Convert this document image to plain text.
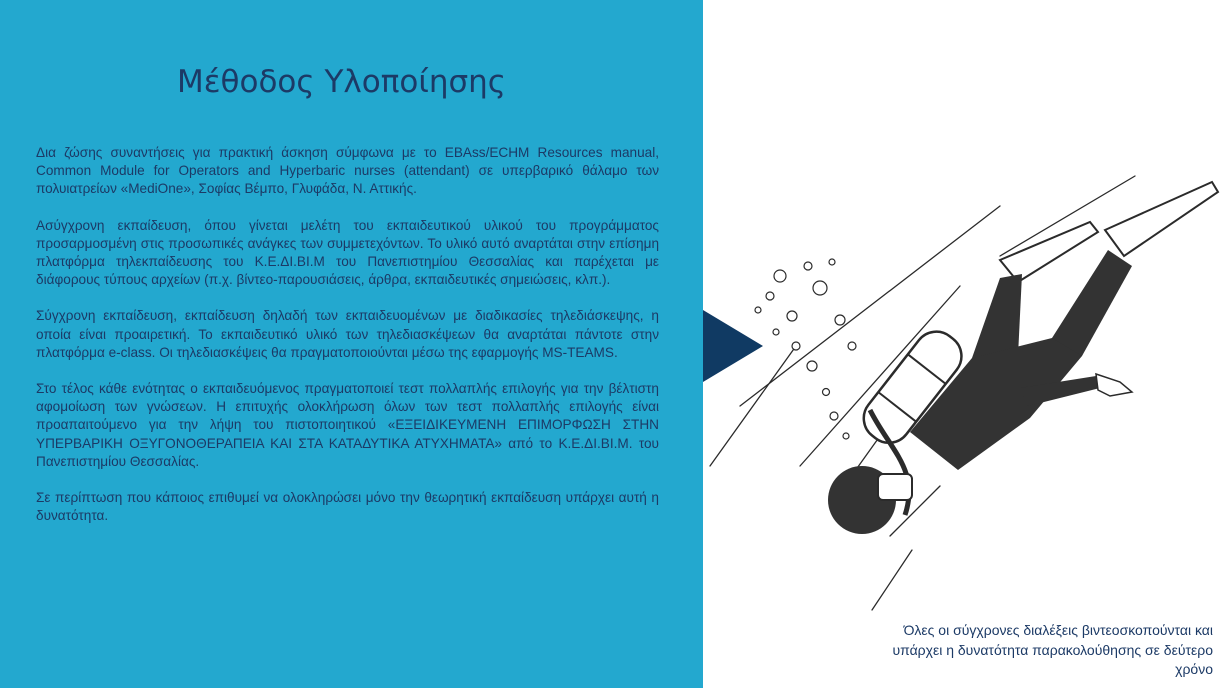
Μέθοδος Υλοποίησης

Δια ζώσης συναντήσεις για πρακτική άσκηση σύμφωνα με το EBAss/ECHM Resources manual, Common Module for Operators and Hyperbaric nurses (attendant) σε υπερβαρικό θάλαμο των πολυιατρείων «MediOne», Σοφίας Βέμπο, Γλυφάδα, Ν. Αττικής.

Ασύγχρονη εκπαίδευση, όπου γίνεται μελέτη του εκπαιδευτικού υλικού του προγράμματος προσαρμοσμένη στις προσωπικές ανάγκες των συμμετεχόντων. Το υλικό αυτό αναρτάται στην επίσημη πλατφόρμα τηλεκπαίδευσης του Κ.Ε.ΔΙ.ΒΙ.Μ του Πανεπιστημίου Θεσσαλίας και παρέχεται με διάφορους τύπους αρχείων (π.χ. βίντεο-παρουσιάσεις, άρθρα, εκπαιδευτικές σημειώσεις, κλπ.).

Σύγχρονη εκπαίδευση, εκπαίδευση δηλαδή των εκπαιδευομένων με διαδικασίες τηλεδιάσκεψης, η οποία είναι προαιρετική. Το εκπαιδευτικό υλικό των τηλεδιασκέψεων θα αναρτάται πάντοτε στην πλατφόρμα e-class. Οι τηλεδιασκέψεις θα πραγματοποιούνται μέσω της εφαρμογής MS-TEAMS.

Στο τέλος κάθε ενότητας ο εκπαιδευόμενος πραγματοποιεί τεστ πολλαπλής επιλογής για την βέλτιστη αφομοίωση των γνώσεων. Η επιτυχής ολοκλήρωση όλων των τεστ πολλαπλής επιλογής είναι προαπαιτούμενο για την λήψη του πιστοποιητικού «ΕΞΕΙΔΙΚΕΥΜΕΝΗ ΕΠΙΜΟΡΦΩΣΗ ΣΤΗΝ ΥΠΕΡΒΑΡΙΚΗ ΟΞΥΓΟΝΟΘΕΡΑΠΕΙΑ ΚΑΙ ΣΤΑ ΚΑΤΑΔΥΤΙΚΑ ΑΤΥΧΗΜΑΤΑ» από το Κ.Ε.ΔΙ.ΒΙ.Μ. του Πανεπιστημίου Θεσσαλίας.

Σε περίπτωση που κάποιος επιθυμεί να ολοκληρώσει μόνο την θεωρητική εκπαίδευση υπάρχει αυτή η δυνατότητα.

Όλες οι σύγχρονες διαλέξεις βιντεοσκοπούνται και υπάρχει η δυνατότητα παρακολούθησης σε δεύτερο χρόνο
